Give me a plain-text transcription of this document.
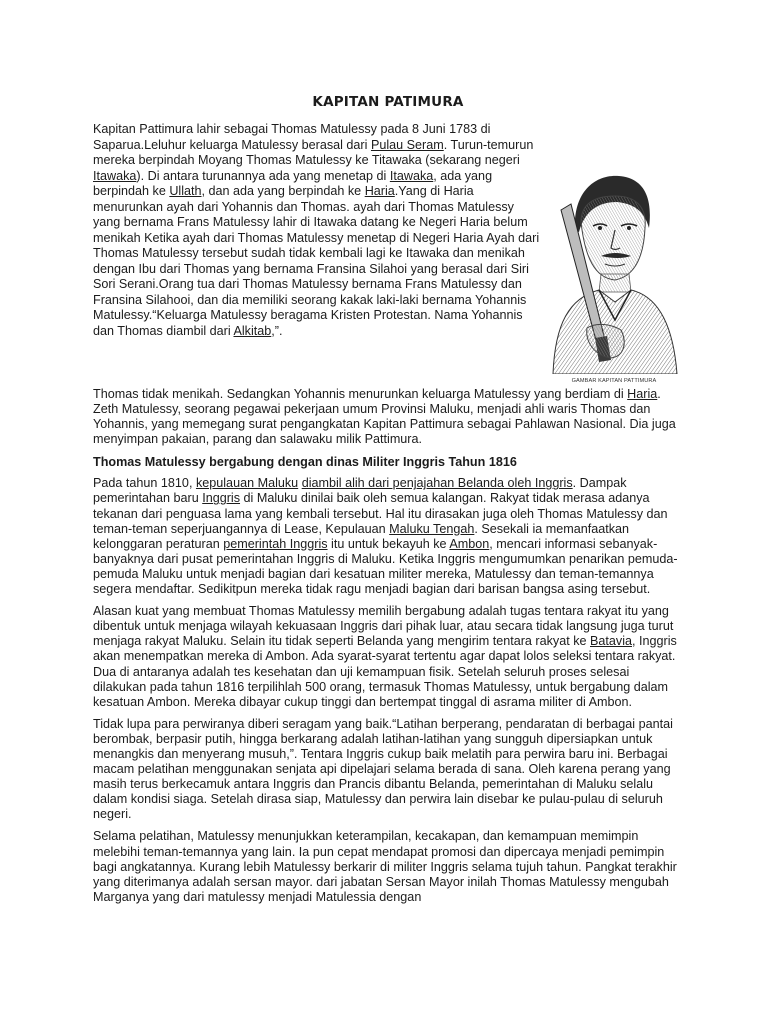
KAPITAN PATIMURA
Kapitan Pattimura lahir sebagai Thomas Matulessy pada 8 Juni 1783 di Saparua.Leluhur keluarga Matulessy berasal dari Pulau Seram. Turun-temurun mereka berpindah Moyang Thomas Matulessy ke Titawaka (sekarang negeri Itawaka). Di antara turunannya ada yang menetap di Itawaka, ada yang berpindah ke Ullath, dan ada yang berpindah ke Haria.Yang di Haria menurunkan ayah dari Yohannis dan Thomas. ayah dari Thomas Matulessy yang bernama Frans Matulessy lahir di Itawaka datang ke Negeri Haria belum menikah Ketika ayah dari Thomas Matulessy menetap di Negeri Haria Ayah dari Thomas Matulessy tersebut sudah tidak kembali lagi ke Itawaka dan menikah dengan Ibu dari Thomas yang bernama Fransina Silahoi yang berasal dari Siri Sori Serani.Orang tua dari Thomas Matulessy bernama Frans Matulessy dan Fransina Silahooi, dan dia memiliki seorang kakak laki-laki bernama Yohannis Matulessy.“Keluarga Matulessy beragama Kristen Protestan. Nama Yohannis dan Thomas diambil dari Alkitab,”.
GAMBAR KAPITAN PATTIMURA

Thomas tidak menikah. Sedangkan Yohannis menurunkan keluarga Matulessy yang berdiam di Haria. Zeth Matulessy, seorang pegawai pekerjaan umum Provinsi Maluku, menjadi ahli waris Thomas dan Yohannis, yang memegang surat pengangkatan Kapitan Pattimura sebagai Pahlawan Nasional. Dia juga menyimpan pakaian, parang dan salawaku milik Pattimura.

Thomas Matulessy bergabung dengan dinas Militer Inggris Tahun 1816

Pada tahun 1810, kepulauan Maluku diambil alih dari penjajahan Belanda oleh Inggris. Dampak pemerintahan baru Inggris di Maluku dinilai baik oleh semua kalangan. Rakyat tidak merasa adanya tekanan dari penguasa lama yang kembali tersebut. Hal itu dirasakan juga oleh Thomas Matulessy dan teman-teman seperjuangannya di Lease, Kepulauan Maluku Tengah. Sesekali ia memanfaatkan kelonggaran peraturan pemerintah Inggris itu untuk bekayuh ke Ambon, mencari informasi sebanyak-banyaknya dari pusat pemerintahan Inggris di Maluku. Ketika Inggris mengumumkan penarikan pemuda-pemuda Maluku untuk menjadi bagian dari kesatuan militer mereka, Matulessy dan teman-temannya segera mendaftar. Sedikitpun mereka tidak ragu menjadi bagian dari barisan bangsa asing tersebut.

Alasan kuat yang membuat Thomas Matulessy memilih bergabung adalah tugas tentara rakyat itu yang dibentuk untuk menjaga wilayah kekuasaan Inggris dari pihak luar, atau secara tidak langsung juga turut menjaga rakyat Maluku. Selain itu tidak seperti Belanda yang mengirim tentara rakyat ke Batavia, Inggris akan menempatkan mereka di Ambon. Ada syarat-syarat tertentu agar dapat lolos seleksi tentara rakyat. Dua di antaranya adalah tes kesehatan dan uji kemampuan fisik. Setelah seluruh proses selesai dilakukan pada tahun 1816 terpilihlah 500 orang, termasuk Thomas Matulessy, untuk bergabung dalam kesatuan Ambon. Mereka dibayar cukup tinggi dan bertempat tinggal di asrama militer di Ambon.

Tidak lupa para perwiranya diberi seragam yang baik.“Latihan berperang, pendaratan di berbagai pantai berombak, berpasir putih, hingga berkarang adalah latihan-latihan yang sungguh dipersiapkan untuk menangkis dan menyerang musuh,”. Tentara Inggris cukup baik melatih para perwira baru ini. Berbagai macam pelatihan menggunakan senjata api dipelajari selama berada di sana. Oleh karena perang yang masih terus berkecamuk antara Inggris dan Prancis dibantu Belanda, pemerintahan di Maluku selalu dalam kondisi siaga. Setelah dirasa siap, Matulessy dan perwira lain disebar ke pulau-pulau di seluruh negeri.

Selama pelatihan, Matulessy menunjukkan keterampilan, kecakapan, dan kemampuan memimpin melebihi teman-temannya yang lain. Ia pun cepat mendapat promosi dan dipercaya menjadi pemimpin bagi angkatannya. Kurang lebih Matulessy berkarir di militer Inggris selama tujuh tahun. Pangkat terakhir yang diterimanya adalah sersan mayor. dari jabatan Sersan Mayor inilah Thomas Matulessy mengubah Marganya yang dari matulessy menjadi Matulessia dengan
